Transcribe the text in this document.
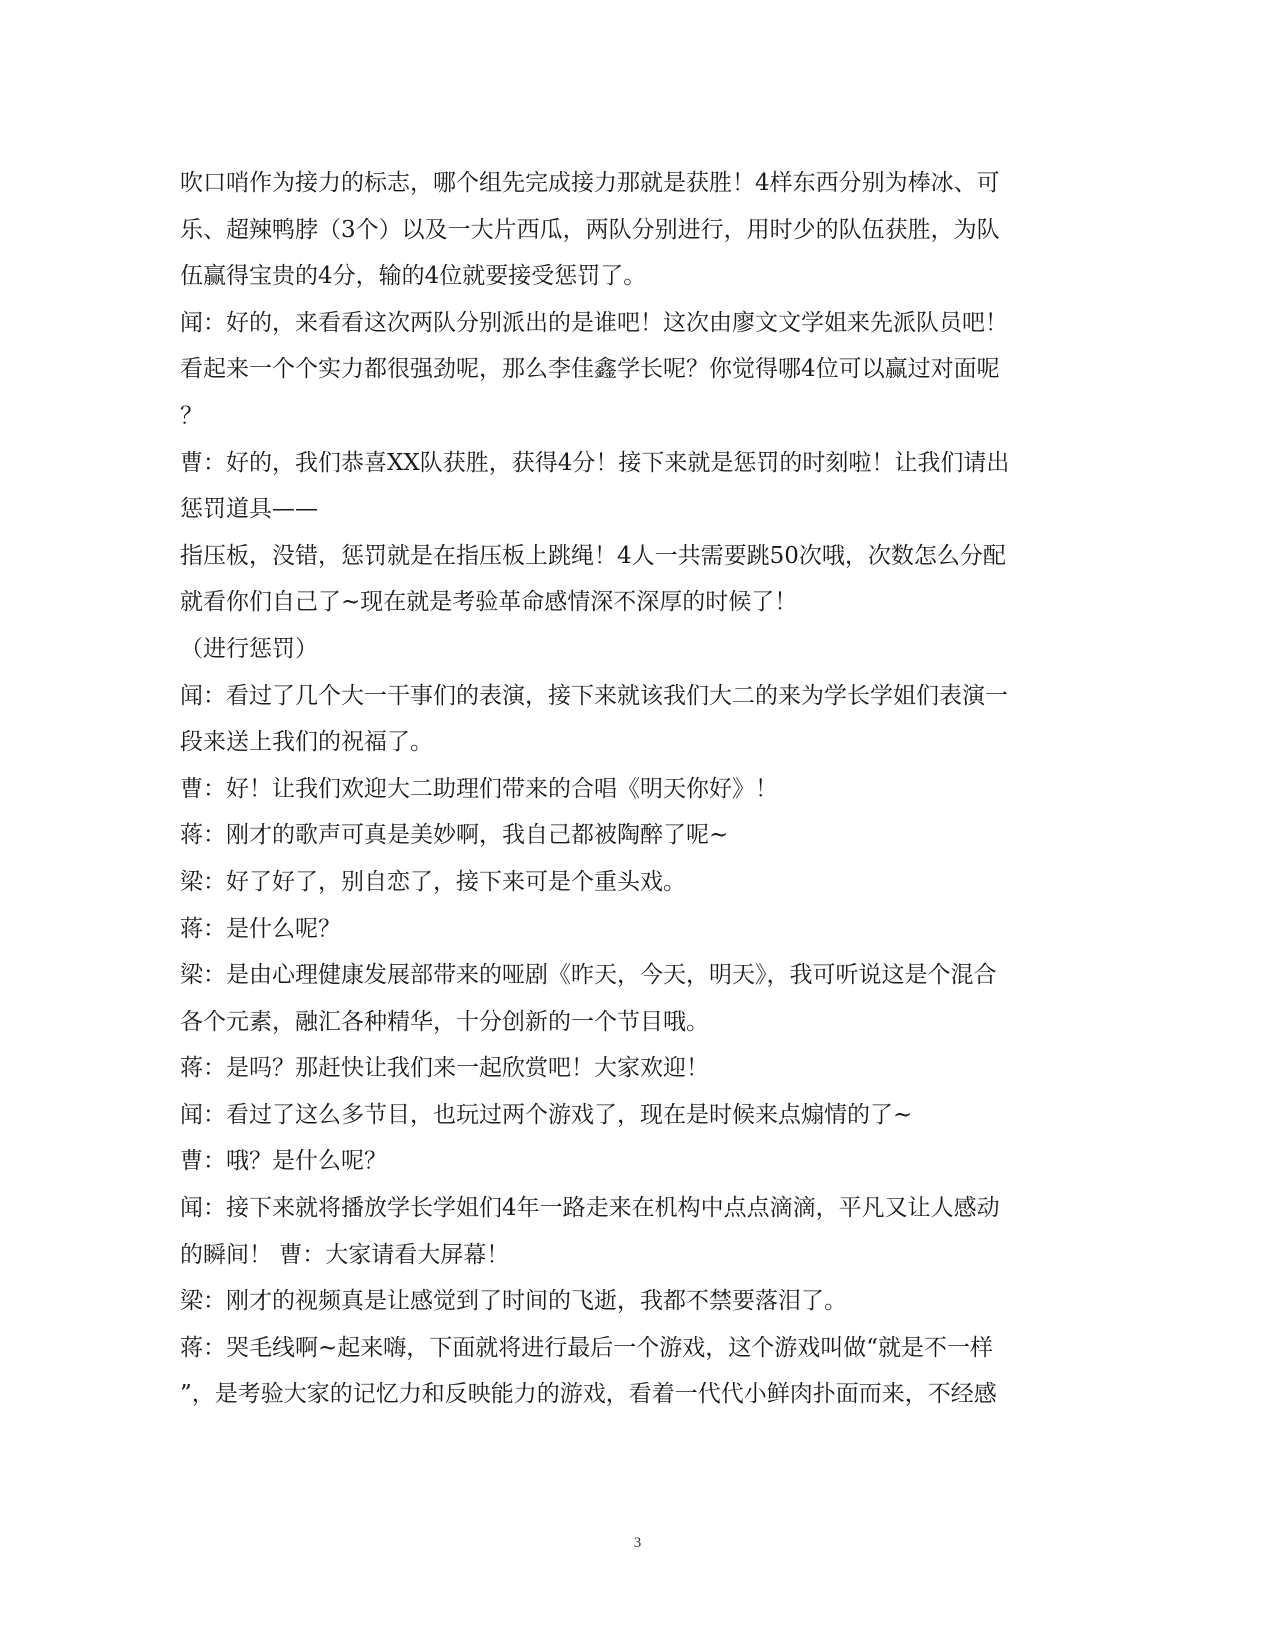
吹口哨作为接力的标志，哪个组先完成接力那就是获胜！4样东西分别为棒冰、可
乐、超辣鸭脖（3个）以及一大片西瓜，两队分别进行，用时少的队伍获胜，为队
伍赢得宝贵的4分，输的4位就要接受惩罚了。
闻：好的，来看看这次两队分别派出的是谁吧！这次由廖文文学姐来先派队员吧！
看起来一个个实力都很强劲呢，那么李佳鑫学长呢？你觉得哪4位可以赢过对面呢
？
曹：好的，我们恭喜XX队获胜，获得4分！接下来就是惩罚的时刻啦！让我们请出
惩罚道具——
指压板，没错，惩罚就是在指压板上跳绳！4人一共需要跳50次哦，次数怎么分配
就看你们自己了~现在就是考验革命感情深不深厚的时候了！
（进行惩罚）
闻：看过了几个大一干事们的表演，接下来就该我们大二的来为学长学姐们表演一
段来送上我们的祝福了。
曹：好！让我们欢迎大二助理们带来的合唱《明天你好》！
蒋：刚才的歌声可真是美妙啊，我自己都被陶醉了呢~
梁：好了好了，别自恋了，接下来可是个重头戏。
蒋：是什么呢？
梁：是由心理健康发展部带来的哑剧《昨天，今天，明天》，我可听说这是个混合
各个元素，融汇各种精华，十分创新的一个节目哦。
蒋：是吗？那赶快让我们来一起欣赏吧！大家欢迎！
闻：看过了这么多节目，也玩过两个游戏了，现在是时候来点煽情的了~
曹：哦？是什么呢？
闻：接下来就将播放学长学姐们4年一路走来在机构中点点滴滴，平凡又让人感动
的瞬间！ 曹：大家请看大屏幕！
梁：刚才的视频真是让感觉到了时间的飞逝，我都不禁要落泪了。
蒋：哭毛线啊~起来嗨，下面就将进行最后一个游戏，这个游戏叫做“就是不一样
”，是考验大家的记忆力和反映能力的游戏，看着一代代小鲜肉扑面而来，不经感
3
